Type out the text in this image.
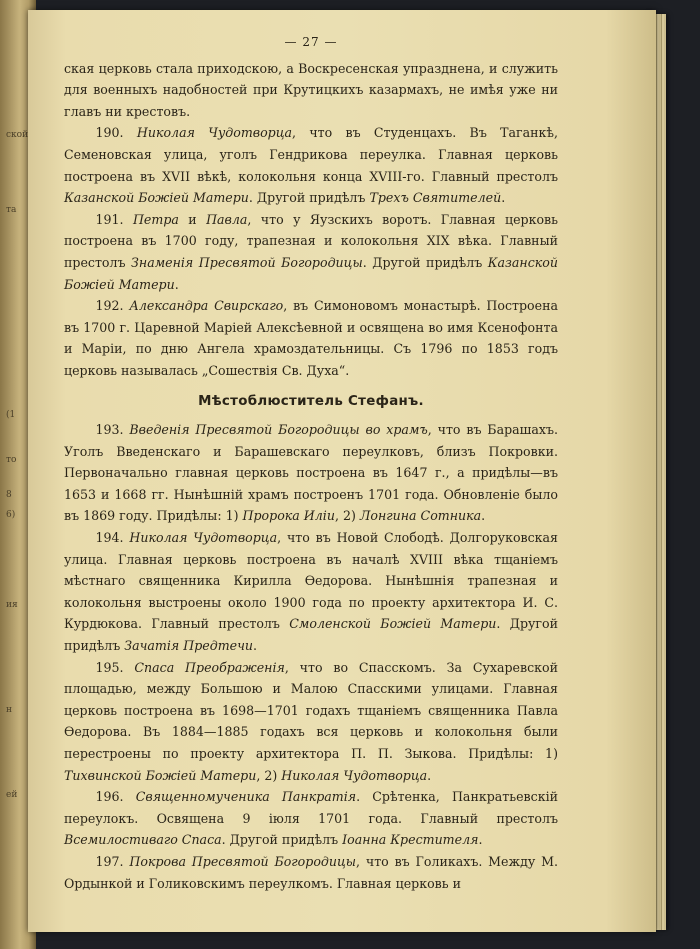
ской
та
(1
то
8
6)
ия
н
ей
— 27 —

ская церковь стала приходскою, а Воскресенская упразднена, и служить для военныхъ надобностей при Крутицкихъ казармахъ, не имѣя уже ни главъ ни крестовъ.

190. Николая Чудотворца, что въ Студенцахъ. Въ Таганкѣ, Семеновская улица, уголъ Гендрикова переулка. Главная церковь построена въ XVII вѣкѣ, колокольня конца XVIII-го. Главный престолъ Казанской Божіей Матери. Другой придѣлъ Трехъ Святителей.

191. Петра и Павла, что у Яузскихъ воротъ. Главная церковь построена въ 1700 году, трапезная и колокольня XIX вѣка. Главный престолъ Знаменія Пресвятой Богородицы. Другой придѣлъ Казанской Божіей Матери.

192. Александра Свирскаго, въ Симоновомъ монастырѣ. Построена въ 1700 г. Царевной Маріей Алексѣевной и освящена во имя Ксенофонта и Маріи, по дню Ангела храмоздательницы. Съ 1796 по 1853 годъ церковь называлась „Сошествія Св. Духа“.

Мѣстоблюститель Стефанъ.

193. Введенія Пресвятой Богородицы во храмъ, что въ Барашахъ. Уголъ Введенскаго и Барашевскаго переулковъ, близъ Покровки. Первоначально главная церковь построена въ 1647 г., а придѣлы—въ 1653 и 1668 гг. Нынѣшній храмъ построенъ 1701 года. Обновленіе было въ 1869 году. Придѣлы: 1) Пророка Иліи, 2) Лонгина Сотника.

194. Николая Чудотворца, что въ Новой Слободѣ. Долгоруковская улица. Главная церковь построена въ началѣ XVIII вѣка тщаніемъ мѣстнаго священника Кирилла Өедорова. Нынѣшнія трапезная и колокольня выстроены около 1900 года по проекту архитектора И. С. Курдюкова. Главный престолъ Смоленской Божіей Матери. Другой придѣлъ Зачатія Предтечи.

195. Спаса Преображенія, что во Спасскомъ. За Сухаревской площадью, между Большою и Малою Спасскими улицами. Главная церковь построена въ 1698—1701 годахъ тщаніемъ священника Павла Өедорова. Въ 1884—1885 годахъ вся церковь и колокольня были перестроены по проекту архитектора П. П. Зыкова. Придѣлы: 1) Тихвинской Божіей Матери, 2) Николая Чудотворца.

196. Священномученика Панкратія. Срѣтенка, Панкратьевскій переулокъ. Освящена 9 іюля 1701 года. Главный престолъ Всемилостиваго Спаса. Другой придѣлъ Іоанна Крестителя.

197. Покрова Пресвятой Богородицы, что въ Голикахъ. Между М. Ордынкой и Голиковскимъ переулкомъ. Главная церковь и
